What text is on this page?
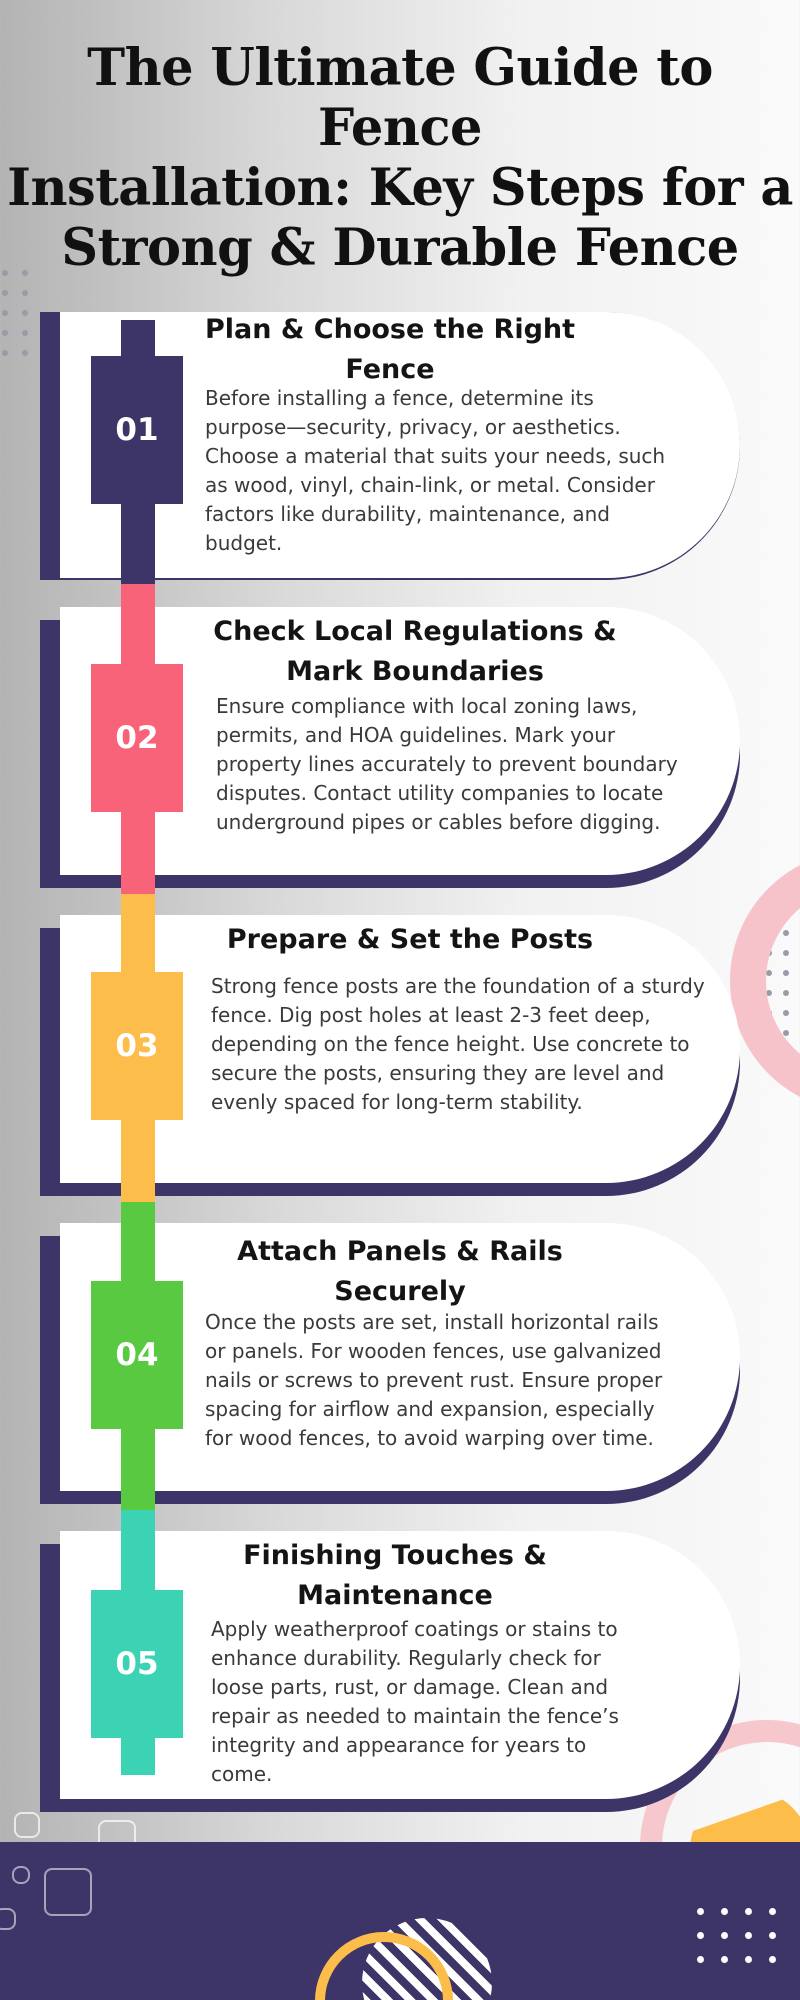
The Ultimate Guide to Fence
Installation: Key Steps for a
Strong & Durable Fence
Plan & Choose the Right Fence

Before installing a fence, determine its purpose—security, privacy, or aesthetics. Choose a material that suits your needs, such as wood, vinyl, chain-link, or metal. Consider factors like durability, maintenance, and budget.

Check Local Regulations & Mark Boundaries

Ensure compliance with local zoning laws, permits, and HOA guidelines. Mark your property lines accurately to prevent boundary disputes. Contact utility companies to locate underground pipes or cables before digging.

Prepare & Set the Posts

Strong fence posts are the foundation of a sturdy fence. Dig post holes at least 2-3 feet deep, depending on the fence height. Use concrete to secure the posts, ensuring they are level and evenly spaced for long-term stability.

Attach Panels & Rails Securely

Once the posts are set, install horizontal rails or panels. For wooden fences, use galvanized nails or screws to prevent rust. Ensure proper spacing for airflow and expansion, especially for wood fences, to avoid warping over time.

Finishing Touches & Maintenance

Apply weatherproof coatings or stains to enhance durability. Regularly check for loose parts, rust, or damage. Clean and repair as needed to maintain the fence’s integrity and appearance for years to come.

01
02
03
04
05
